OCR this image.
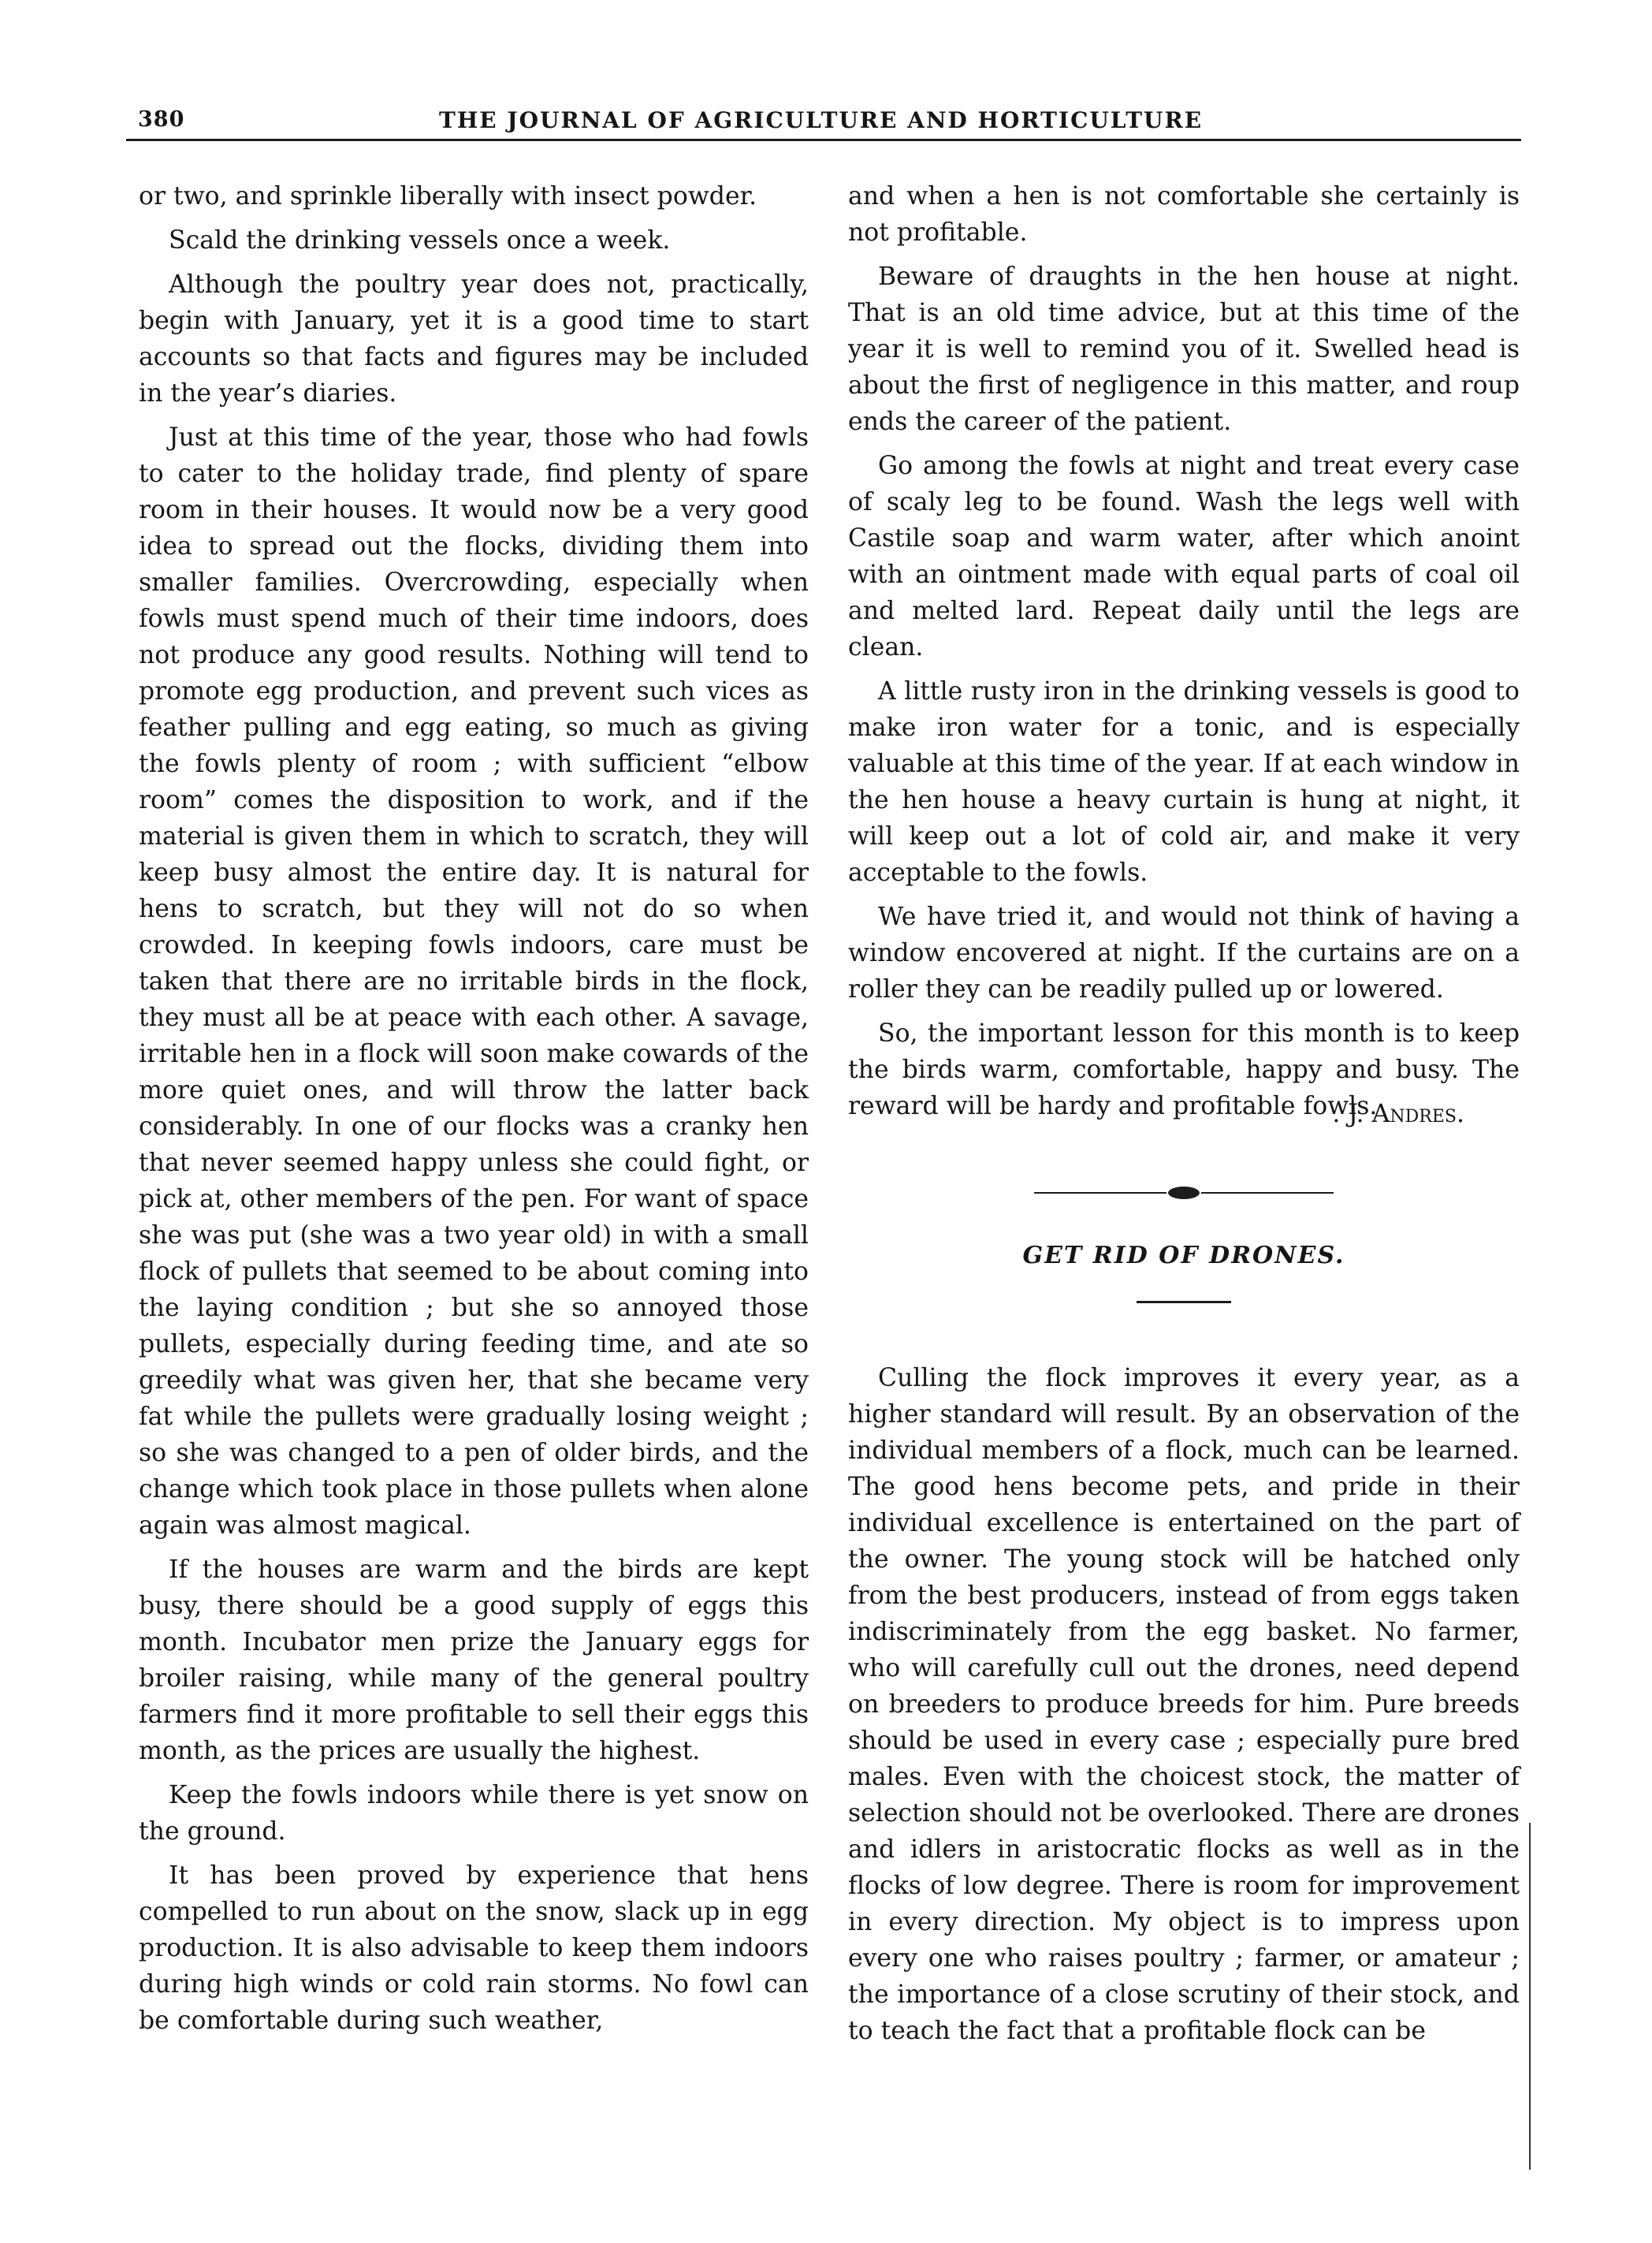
380	THE JOURNAL OF AGRICULTURE AND HORTICULTURE

or two, and sprinkle liberally with insect powder.

Scald the drinking vessels once a week.

Although the poultry year does not, practically, begin with January, yet it is a good time to start accounts so that facts and figures may be included in the year’s diaries.

Just at this time of the year, those who had fowls to cater to the holiday trade, find plenty of spare room in their houses. It would now be a very good idea to spread out the flocks, dividing them into smaller families. Overcrowding, especially when fowls must spend much of their time indoors, does not produce any good results. Nothing will tend to promote egg production, and prevent such vices as feather pulling and egg eating, so much as giving the fowls plenty of room ; with sufficient “elbow room” comes the disposition to work, and if the material is given them in which to scratch, they will keep busy almost the entire day. It is natural for hens to scratch, but they will not do so when crowded. In keeping fowls indoors, care must be taken that there are no irritable birds in the flock, they must all be at peace with each other. A savage, irritable hen in a flock will soon make cowards of the more quiet ones, and will throw the latter back considerably. In one of our flocks was a cranky hen that never seemed happy unless she could fight, or pick at, other members of the pen. For want of space she was put (she was a two year old) in with a small flock of pullets that seemed to be about coming into the laying condition ; but she so annoyed those pullets, especially during feeding time, and ate so greedily what was given her, that she became very fat while the pullets were gradually losing weight ; so she was changed to a pen of older birds, and the change which took place in those pullets when alone again was almost magical.

If the houses are warm and the birds are kept busy, there should be a good supply of eggs this month. Incubator men prize the January eggs for broiler raising, while many of the general poultry farmers find it more profitable to sell their eggs this month, as the prices are usually the highest.

Keep the fowls indoors while there is yet snow on the ground.

It has been proved by experience that hens compelled to run about on the snow, slack up in egg production. It is also advisable to keep them indoors during high winds or cold rain storms. No fowl can be comfortable during such weather,

and when a hen is not comfortable she certainly is not profitable.

Beware of draughts in the hen house at night. That is an old time advice, but at this time of the year it is well to remind you of it. Swelled head is about the first of negligence in this matter, and roup ends the career of the patient.

Go among the fowls at night and treat every case of scaly leg to be found. Wash the legs well with Castile soap and warm water, after which anoint with an ointment made with equal parts of coal oil and melted lard. Repeat daily until the legs are clean.

A little rusty iron in the drinking vessels is good to make iron water for a tonic, and is especially valuable at this time of the year. If at each window in the hen house a heavy curtain is hung at night, it will keep out a lot of cold air, and make it very acceptable to the fowls.

We have tried it, and would not think of having a window encovered at night. If the curtains are on a roller they can be readily pulled up or lowered.

So, the important lesson for this month is to keep the birds warm, comfortable, happy and busy. The reward will be hardy and profitable fowls.

. J. Andres.
GET RID OF DRONES.

Culling the flock improves it every year, as a higher standard will result. By an observation of the individual members of a flock, much can be learned. The good hens become pets, and pride in their individual excellence is entertained on the part of the owner. The young stock will be hatched only from the best producers, instead of from eggs taken indiscriminately from the egg basket. No farmer, who will carefully cull out the drones, need depend on breeders to produce breeds for him. Pure breeds should be used in every case ; especially pure bred males. Even with the choicest stock, the matter of selection should not be overlooked. There are drones and idlers in aristocratic flocks as well as in the flocks of low degree. There is room for improvement in every direction. My object is to impress upon every one who raises poultry ; farmer, or amateur ; the importance of a close scrutiny of their stock, and to teach the fact that a profitable flock can be
